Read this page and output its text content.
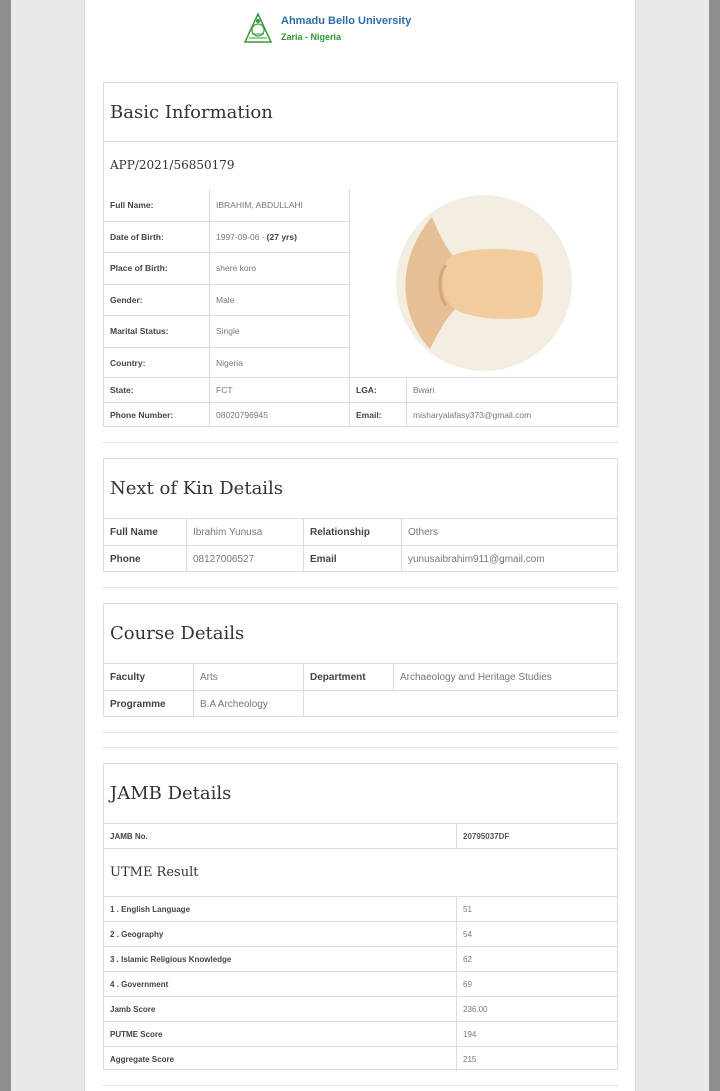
Ahmadu Bello University
Zaria - Nigeria
Basic Information
APP/2021/56850179
Full Name:	IBRAHIM, ABDULLAHI
Date of Birth:	1997-09-06 - (27 yrs)
Place of Birth:	shere koro
Gender:	Male
Marital Status:	Single
Country:	Nigeria
State:	FCT	LGA:	Bwari
Phone Number:	08020796945	Email:	misharyalafasy373@gmail.com
Next of Kin Details
Full Name	Ibrahim Yunusa	Relationship	Others
Phone	08127006527	Email	yunusaibrahim911@gmail.com
Course Details
Faculty	Arts	Department	Archaeology and Heritage Studies
Programme	B.A Archeology
JAMB Details
JAMB No.	20795037DF
UTME Result
1 . English Language	51
2 . Geography	54
3 . Islamic Religious Knowledge	62
4 . Government	69
Jamb Score	236.00
PUTME Score	194
Aggregate Score	215
